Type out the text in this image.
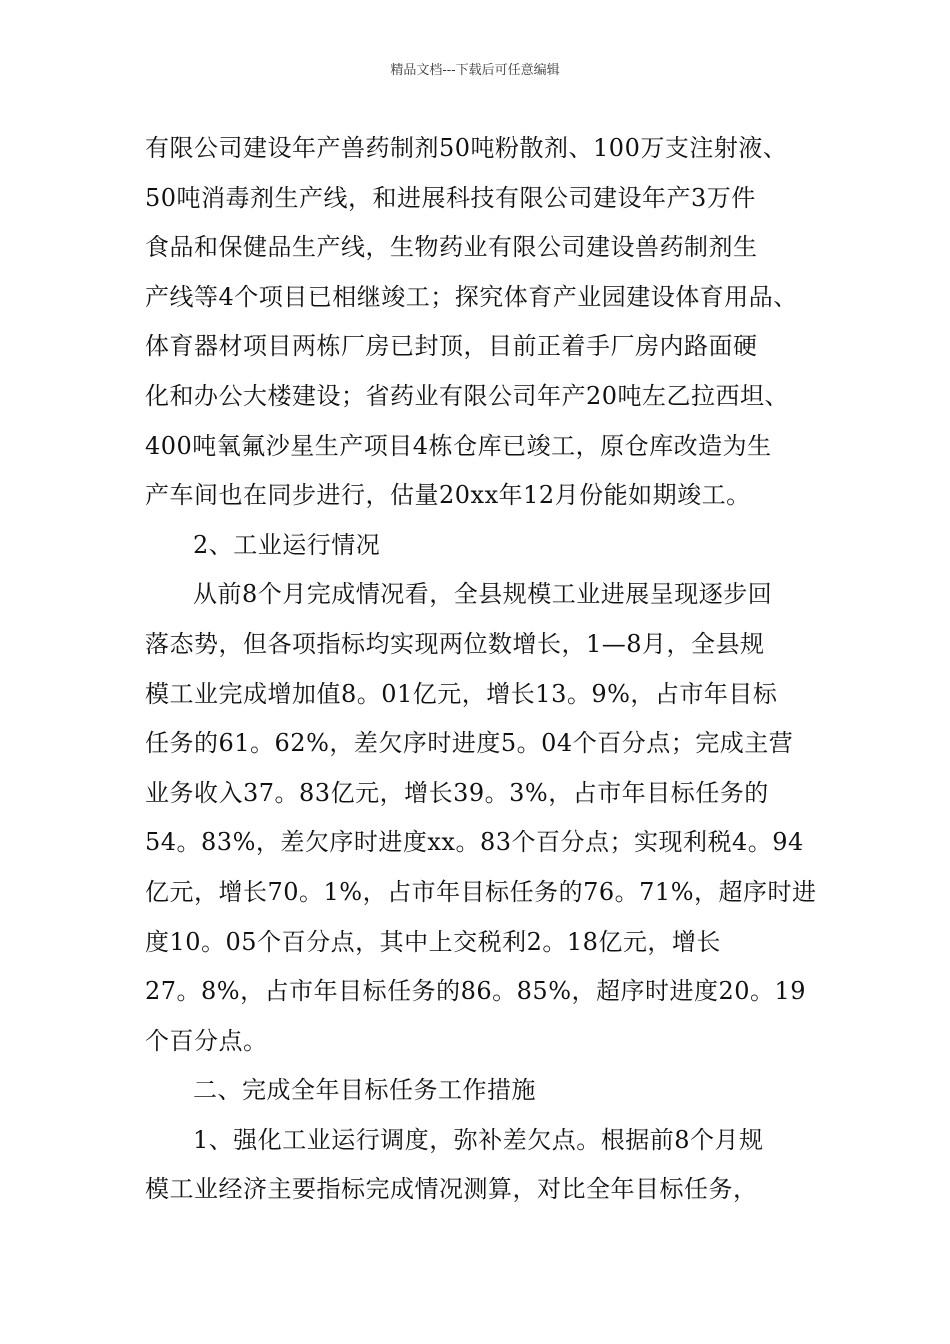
精品文档---下载后可任意编辑
有限公司建设年产兽药制剂50吨粉散剂、100万支注射液、
50吨消毒剂生产线，和进展科技有限公司建设年产3万件
食品和保健品生产线，生物药业有限公司建设兽药制剂生
产线等4个项目已相继竣工；探究体育产业园建设体育用品、
体育器材项目两栋厂房已封顶，目前正着手厂房内路面硬
化和办公大楼建设；省药业有限公司年产20吨左乙拉西坦、
400吨氧氟沙星生产项目4栋仓库已竣工，原仓库改造为生
产车间也在同步进行，估量20xx年12月份能如期竣工。
2、工业运行情况
从前8个月完成情况看，全县规模工业进展呈现逐步回
落态势，但各项指标均实现两位数增长，1—8月，全县规
模工业完成增加值8。01亿元，增长13。9%，占市年目标
任务的61。62%，差欠序时进度5。04个百分点；完成主营
业务收入37。83亿元，增长39。3%，占市年目标任务的
54。83%，差欠序时进度xx。83个百分点；实现利税4。94
亿元，增长70。1%，占市年目标任务的76。71%，超序时进
度10。05个百分点，其中上交税利2。18亿元，增长
27。8%，占市年目标任务的86。85%，超序时进度20。19
个百分点。
二、完成全年目标任务工作措施
1、强化工业运行调度，弥补差欠点。根据前8个月规
模工业经济主要指标完成情况测算，对比全年目标任务，
